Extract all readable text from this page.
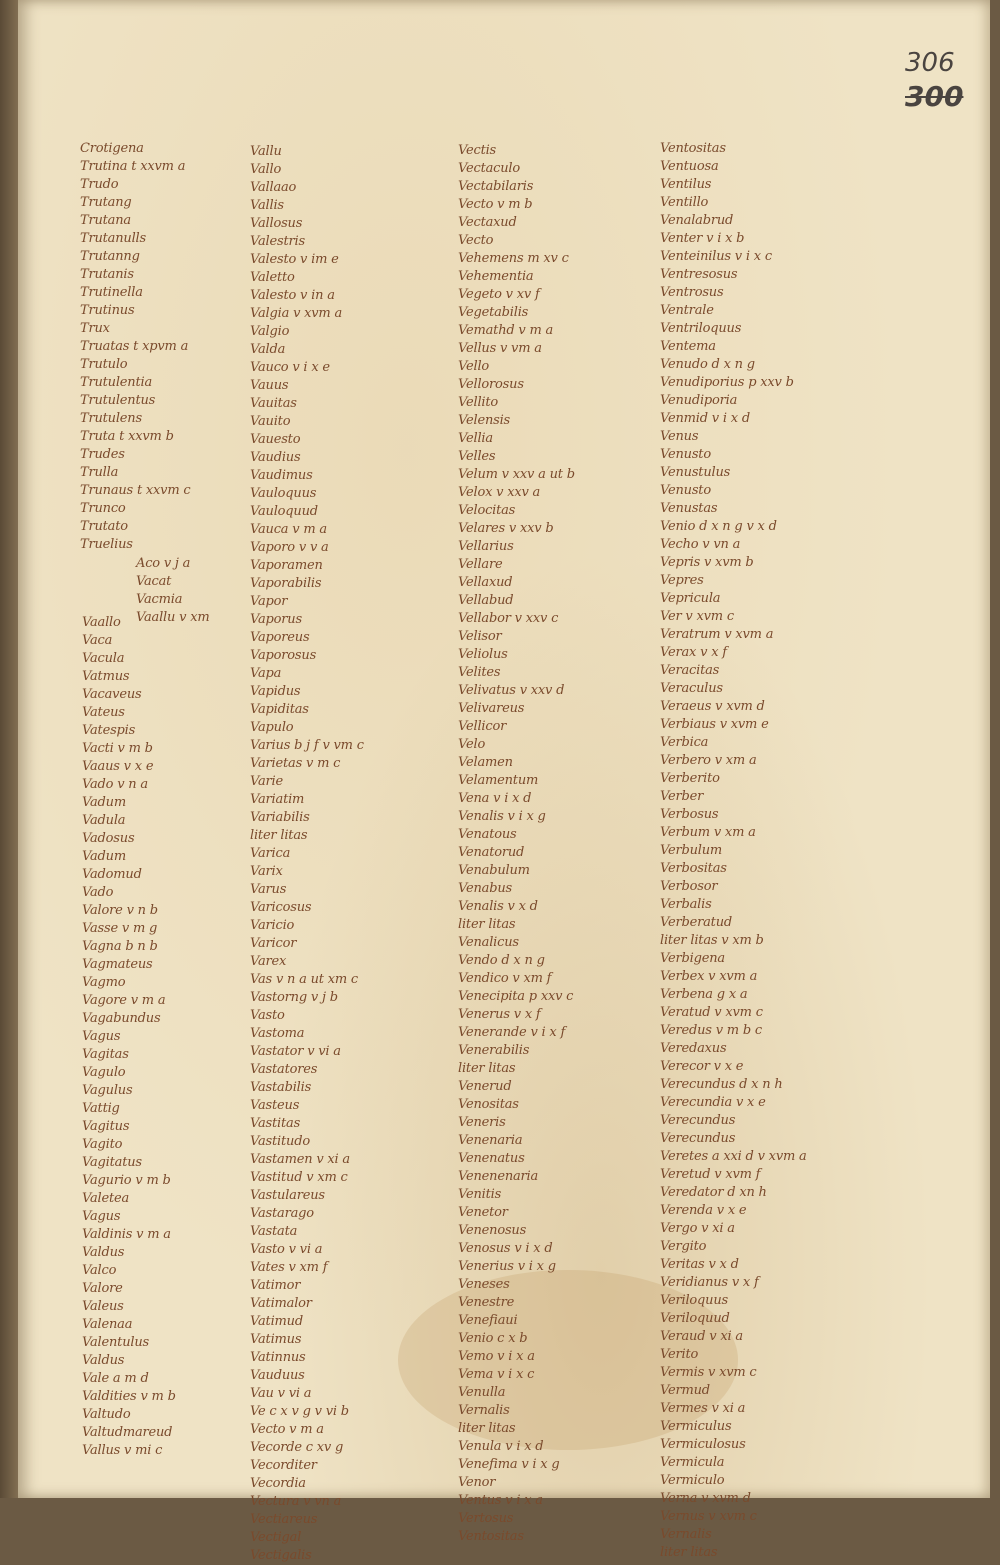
306
300
Crotigena
Trutina t xxvm a
Trudo
Trutang
Trutana
Trutanulls
Trutanng
Trutanis
Trutinella
Trutinus
Trux
Truatas t xpvm a
Trutulo
Trutulentia
Trutulentus
Trutulens
Truta t xxvm b
Trudes
Trulla
Trunaus t xxvm c
Trunco
Trutato
Truelius
Aco v j a
Vacat
Vacmia
Vaallu v xm
Vaallo
Vaca
Vacula
Vatmus
Vacaveus
Vateus
Vatespis
Vacti v m b
Vaaus v x e
Vado v n a
Vadum
Vadula
Vadosus
Vadum
Vadomud
Vado
Valore v n b
Vasse v m g
Vagna b n b
Vagmateus
Vagmo
Vagore v m a
Vagabundus
Vagus
Vagitas
Vagulo
Vagulus
Vattig
Vagitus
Vagito
Vagitatus
Vagurio v m b
Valetea
Vagus
Valdinis v m a
Valdus
Valco
Valore
Valeus
Valenaa
Valentulus
Valdus
Vale a m d
Valdities v m b
Valtudo
Valtudmareud
Vallus v mi c
Vallu
Vallo
Vallaao
Vallis
Vallosus
Valestris
Valesto v im e
Valetto
Valesto v in a
Valgia v xvm a
Valgio
Valda
Vauco v i x e
Vauus
Vauitas
Vauito
Vauesto
Vaudius
Vaudimus
Vauloquus
Vauloquud
Vauca v m a
Vaporo v v a
Vaporamen
Vaporabilis
Vapor
Vaporus
Vaporeus
Vaporosus
Vapa
Vapidus
Vapiditas
Vapulo
Varius b j f v vm c
Varietas v m c
Varie
Variatim
Variabilis
liter litas
Varica
Varix
Varus
Varicosus
Varicio
Varicor
Varex
Vas v n a ut xm c
Vastorng v j b
Vasto
Vastoma
Vastator v vi a
Vastatores
Vastabilis
Vasteus
Vastitas
Vastitudo
Vastamen v xi a
Vastitud v xm c
Vastulareus
Vastarago
Vastata
Vasto v vi a
Vates v xm f
Vatimor
Vatimalor
Vatimud
Vatimus
Vatinnus
Vauduus
Vau v vi a
Ve c x v g v vi b
Vecto v m a
Vecorde c xv g
Vecorditer
Vecordia
Vectura v vn a
Vectiareus
Vectigal
Vectigalis
Vectis
Vectaculo
Vectabilaris
Vecto v m b
Vectaxud
Vecto
Vehemens m xv c
Vehementia
Vegeto v xv f
Vegetabilis
Vemathd v m a
Vellus v vm a
Vello
Vellorosus
Vellito
Velensis
Vellia
Velles
Velum v xxv a ut b
Velox v xxv a
Velocitas
Velares v xxv b
Vellarius
Vellare
Vellaxud
Vellabud
Vellabor v xxv c
Velisor
Veliolus
Velites
Velivatus v xxv d
Velivareus
Vellicor
Velo
Velamen
Velamentum
Vena v i x d
Venalis v i x g
Venatous
Venatorud
Venabulum
Venabus
Venalis v x d
liter litas
Venalicus
Vendo d x n g
Vendico v xm f
Venecipita p xxv c
Venerus v x f
Venerande v i x f
Venerabilis
liter litas
Venerud
Venositas
Veneris
Venenaria
Venenatus
Venenenaria
Venitis
Venetor
Venenosus
Venosus v i x d
Venerius v i x g
Veneses
Venestre
Venefiaui
Venio c x b
Vemo v i x a
Vema v i x c
Venulla
Vernalis
liter litas
Venula v i x d
Venefima v i x g
Venor
Ventus v i x a
Vertosus
Ventositas
Ventositas
Ventuosa
Ventilus
Ventillo
Venalabrud
Venter v i x b
Venteinilus v i x c
Ventresosus
Ventrosus
Ventrale
Ventriloquus
Ventema
Venudo d x n g
Venudiporius p xxv b
Venudiporia
Venmid v i x d
Venus
Venusto
Venustulus
Venusto
Venustas
Venio d x n g v x d
Vecho v vn a
Vepris v xvm b
Vepres
Vepricula
Ver v xvm c
Veratrum v xvm a
Verax v x f
Veracitas
Veraculus
Veraeus v xvm d
Verbiaus v xvm e
Verbica
Verbero v xm a
Verberito
Verber
Verbosus
Verbum v xm a
Verbulum
Verbositas
Verbosor
Verbalis
Verberatud
liter litas v xm b
Verbigena
Verbex v xvm a
Verbena g x a
Veratud v xvm c
Veredus v m b c
Veredaxus
Verecor v x e
Verecundus d x n h
Verecundia v x e
Verecundus
Verecundus
Veretes a xxi d v xvm a
Veretud v xvm f
Veredator d xn h
Verenda v x e
Vergo v xi a
Vergito
Veritas v x d
Veridianus v x f
Veriloquus
Veriloquud
Veraud v xi a
Verito
Vermis v xvm c
Vermud
Vermes v xi a
Vermiculus
Vermiculosus
Vermicula
Vermiculo
Verna v xvm d
Vernus v xvm c
Vernalis
liter litas
